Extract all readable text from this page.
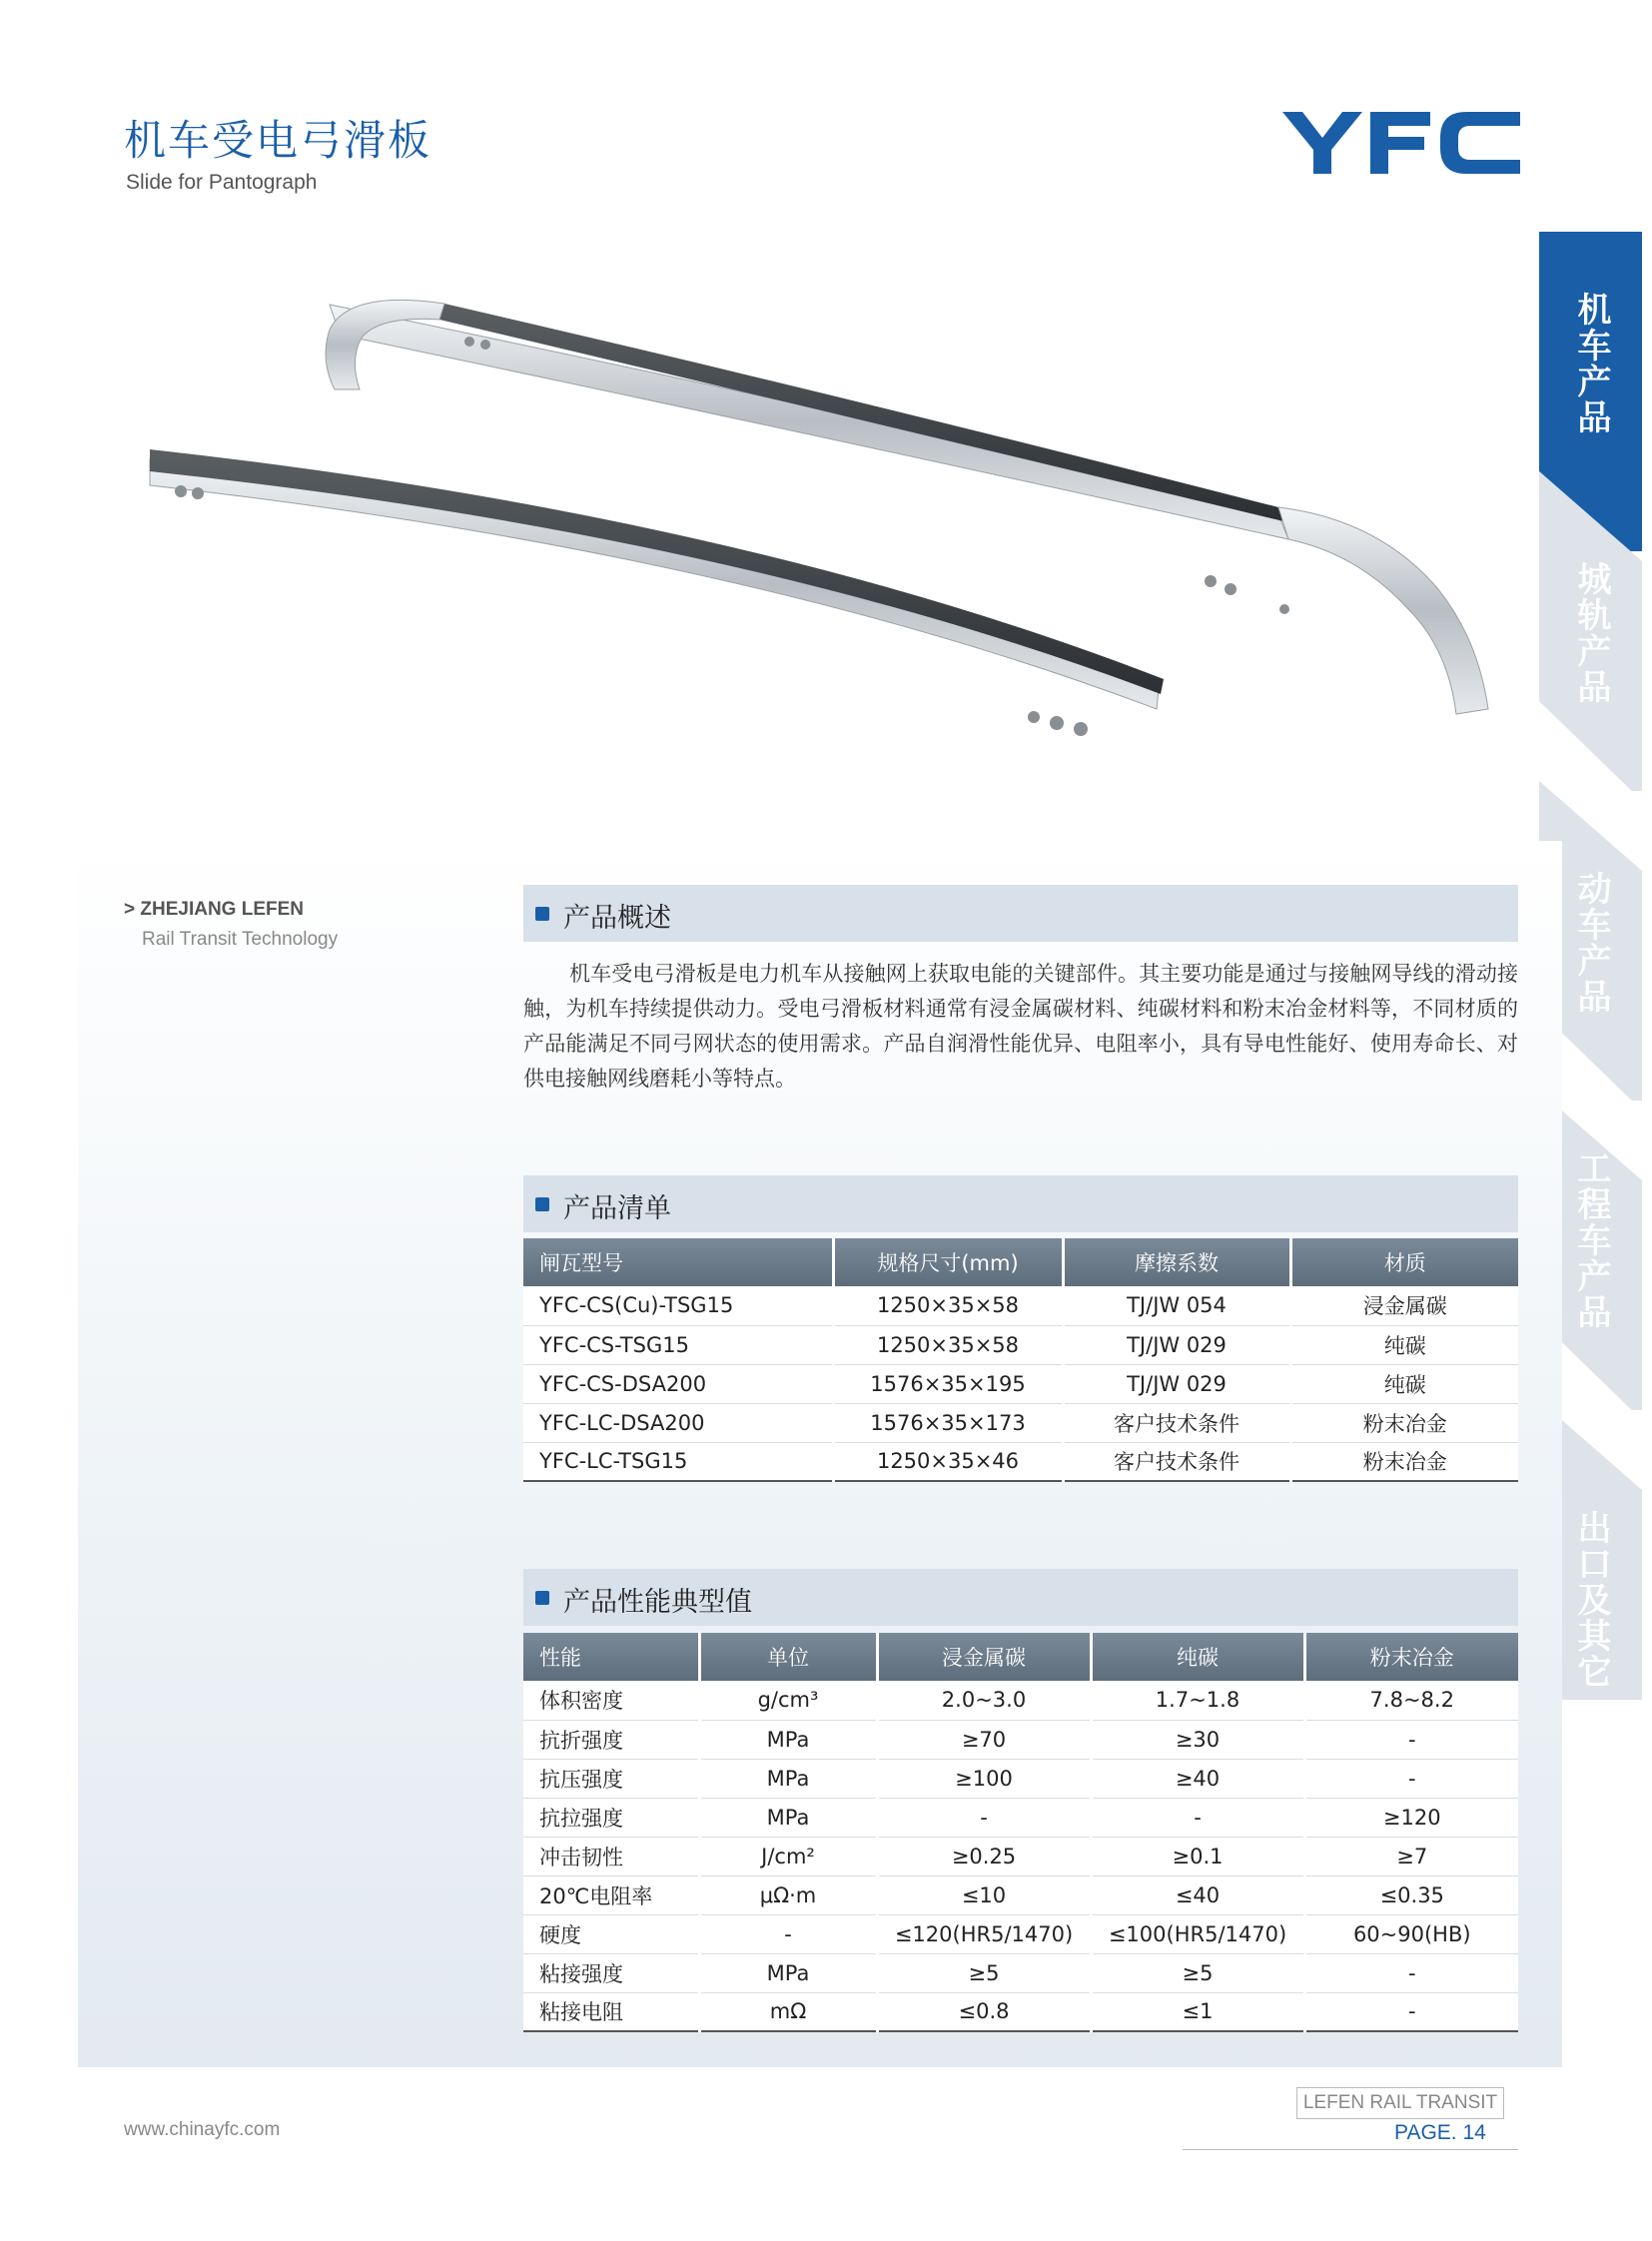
机车受电弓滑板
Slide for Pantograph
机车产品
城轨产品
动车产品
工程车产品
出口及其它
> ZHEJIANG LEFEN
Rail Transit Technology
产品概述
机车受电弓滑板是电力机车从接触网上获取电能的关键部件。其主要功能是通过与接触网导线的滑动接触，为机车持续提供动力。受电弓滑板材料通常有浸金属碳材料、纯碳材料和粉末冶金材料等，不同材质的产品能满足不同弓网状态的使用需求。产品自润滑性能优异、电阻率小，具有导电性能好、使用寿命长、对供电接触网线磨耗小等特点。
产品清单
闸瓦型号	规格尺寸(mm)	摩擦系数	材质
YFC-CS(Cu)-TSG15	1250×35×58	TJ/JW 054	浸金属碳
YFC-CS-TSG15	1250×35×58	TJ/JW 029	纯碳
YFC-CS-DSA200	1576×35×195	TJ/JW 029	纯碳
YFC-LC-DSA200	1576×35×173	客户技术条件	粉末冶金
YFC-LC-TSG15	1250×35×46	客户技术条件	粉末冶金
产品性能典型值
性能	单位	浸金属碳	纯碳	粉末冶金
体积密度	g/cm³	2.0~3.0	1.7~1.8	7.8~8.2
抗折强度	MPa	≥70	≥30	-
抗压强度	MPa	≥100	≥40	-
抗拉强度	MPa	-	-	≥120
冲击韧性	J/cm²	≥0.25	≥0.1	≥7
20℃电阻率	μΩ·m	≤10	≤40	≤0.35
硬度	-	≤120(HR5/1470)	≤100(HR5/1470)	60~90(HB)
粘接强度	MPa	≥5	≥5	-
粘接电阻	mΩ	≤0.8	≤1	-
www.chinayfc.com
LEFEN RAIL TRANSIT
PAGE. 14
